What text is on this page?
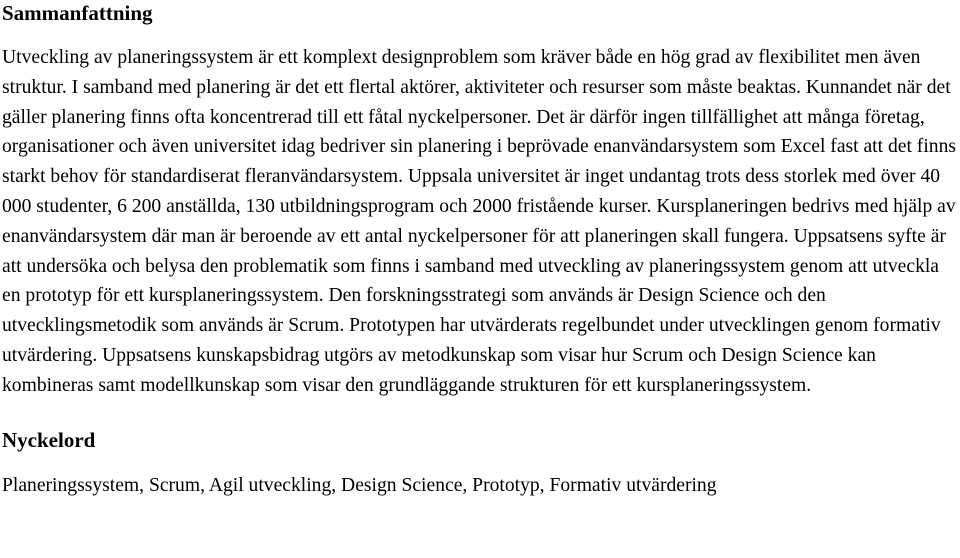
Sammanfattning

Utveckling av planeringssystem är ett komplext designproblem som kräver både en hög grad av flexibilitet men även struktur. I samband med planering är det ett flertal aktörer, aktiviteter och resurser som måste beaktas. Kunnandet när det gäller planering finns ofta koncentrerad till ett fåtal nyckelpersoner. Det är därför ingen tillfällighet att många företag, organisationer och även universitet idag bedriver sin planering i beprövade enanvändarsystem som Excel fast att det finns starkt behov för standardiserat fleranvändarsystem. Uppsala universitet är inget undantag trots dess storlek med över 40 000 studenter, 6 200 anställda, 130 utbildningsprogram och 2000 fristående kurser. Kursplaneringen bedrivs med hjälp av enanvändarsystem där man är beroende av ett antal nyckelpersoner för att planeringen skall fungera. Uppsatsens syfte är att undersöka och belysa den problematik som finns i samband med utveckling av planeringssystem genom att utveckla en prototyp för ett kursplaneringssystem. Den forskningsstrategi som används är Design Science och den utvecklingsmetodik som används är Scrum. Prototypen har utvärderats regelbundet under utvecklingen genom formativ utvärdering. Uppsatsens kunskapsbidrag utgörs av metodkunskap som visar hur Scrum och Design Science kan kombineras samt modellkunskap som visar den grundläggande strukturen för ett kursplaneringssystem.

Nyckelord

Planeringssystem, Scrum, Agil utveckling, Design Science, Prototyp, Formativ utvärdering
